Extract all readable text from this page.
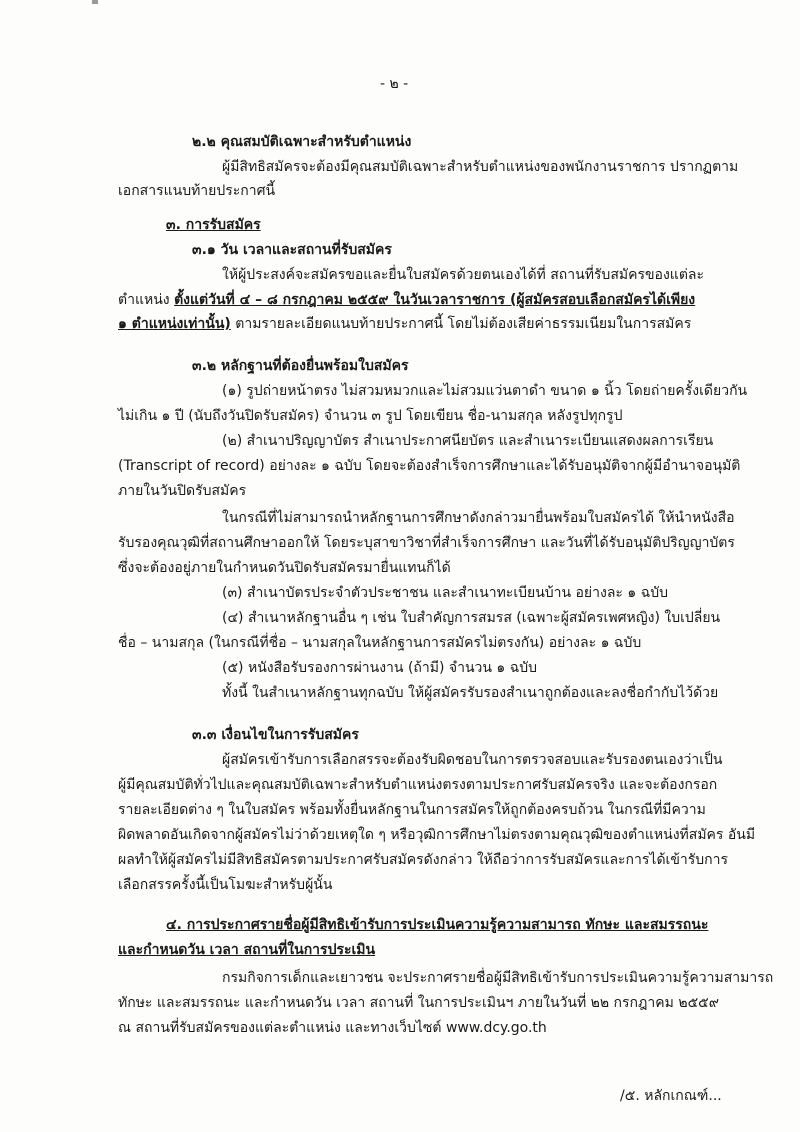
- ๒ -
๒.๒ คุณสมบัติเฉพาะสำหรับตำแหน่ง
ผู้มีสิทธิสมัครจะต้องมีคุณสมบัติเฉพาะสำหรับตำแหน่งของพนักงานราชการ ปรากฏตาม
เอกสารแนบท้ายประกาศนี้
๓. การรับสมัคร
๓.๑ วัน เวลาและสถานที่รับสมัคร
ให้ผู้ประสงค์จะสมัครขอและยื่นใบสมัครด้วยตนเองได้ที่ สถานที่รับสมัครของแต่ละ
ตำแหน่ง ตั้งแต่วันที่ ๔ – ๘ กรกฎาคม ๒๕๕๙ ในวันเวลาราชการ (ผู้สมัครสอบเลือกสมัครได้เพียง
๑ ตำแหน่งเท่านั้น) ตามรายละเอียดแนบท้ายประกาศนี้ โดยไม่ต้องเสียค่าธรรมเนียมในการสมัคร
๓.๒ หลักฐานที่ต้องยื่นพร้อมใบสมัคร
(๑) รูปถ่ายหน้าตรง ไม่สวมหมวกและไม่สวมแว่นตาดำ ขนาด ๑ นิ้ว โดยถ่ายครั้งเดียวกัน
ไม่เกิน ๑ ปี (นับถึงวันปิดรับสมัคร) จำนวน ๓ รูป โดยเขียน ชื่อ-นามสกุล หลังรูปทุกรูป
(๒) สำเนาปริญญาบัตร สำเนาประกาศนียบัตร และสำเนาระเบียนแสดงผลการเรียน
(Transcript of record) อย่างละ ๑ ฉบับ โดยจะต้องสำเร็จการศึกษาและได้รับอนุมัติจากผู้มีอำนาจอนุมัติ
ภายในวันปิดรับสมัคร
ในกรณีที่ไม่สามารถนำหลักฐานการศึกษาดังกล่าวมายื่นพร้อมใบสมัครได้ ให้นำหนังสือ
รับรองคุณวุฒิที่สถานศึกษาออกให้ โดยระบุสาขาวิชาที่สำเร็จการศึกษา และวันที่ได้รับอนุมัติปริญญาบัตร
ซึ่งจะต้องอยู่ภายในกำหนดวันปิดรับสมัครมายื่นแทนก็ได้
(๓) สำเนาบัตรประจำตัวประชาชน และสำเนาทะเบียนบ้าน อย่างละ ๑ ฉบับ
(๔) สำเนาหลักฐานอื่น ๆ เช่น ใบสำคัญการสมรส (เฉพาะผู้สมัครเพศหญิง) ใบเปลี่ยน
ชื่อ – นามสกุล (ในกรณีที่ชื่อ – นามสกุลในหลักฐานการสมัครไม่ตรงกัน) อย่างละ ๑ ฉบับ
(๕) หนังสือรับรองการผ่านงาน (ถ้ามี) จำนวน ๑ ฉบับ
ทั้งนี้ ในสำเนาหลักฐานทุกฉบับ ให้ผู้สมัครรับรองสำเนาถูกต้องและลงชื่อกำกับไว้ด้วย
๓.๓ เงื่อนไขในการรับสมัคร
ผู้สมัครเข้ารับการเลือกสรรจะต้องรับผิดชอบในการตรวจสอบและรับรองตนเองว่าเป็น
ผู้มีคุณสมบัติทั่วไปและคุณสมบัติเฉพาะสำหรับตำแหน่งตรงตามประกาศรับสมัครจริง และจะต้องกรอก
รายละเอียดต่าง ๆ ในใบสมัคร พร้อมทั้งยื่นหลักฐานในการสมัครให้ถูกต้องครบถ้วน ในกรณีที่มีความ
ผิดพลาดอันเกิดจากผู้สมัครไม่ว่าด้วยเหตุใด ๆ หรือวุฒิการศึกษาไม่ตรงตามคุณวุฒิของตำแหน่งที่สมัคร อันมี
ผลทำให้ผู้สมัครไม่มีสิทธิสมัครตามประกาศรับสมัครดังกล่าว ให้ถือว่าการรับสมัครและการได้เข้ารับการ
เลือกสรรครั้งนี้เป็นโมฆะสำหรับผู้นั้น
๔. การประกาศรายชื่อผู้มีสิทธิเข้ารับการประเมินความรู้ความสามารถ ทักษะ และสมรรถนะ
และกำหนดวัน เวลา สถานที่ในการประเมิน
กรมกิจการเด็กและเยาวชน จะประกาศรายชื่อผู้มีสิทธิเข้ารับการประเมินความรู้ความสามารถ
ทักษะ และสมรรถนะ และกำหนดวัน เวลา สถานที่ ในการประเมินฯ ภายในวันที่ ๒๒ กรกฎาคม ๒๕๕๙
ณ สถานที่รับสมัครของแต่ละตำแหน่ง และทางเว็บไซต์ www.dcy.go.th
/๕. หลักเกณฑ์...
